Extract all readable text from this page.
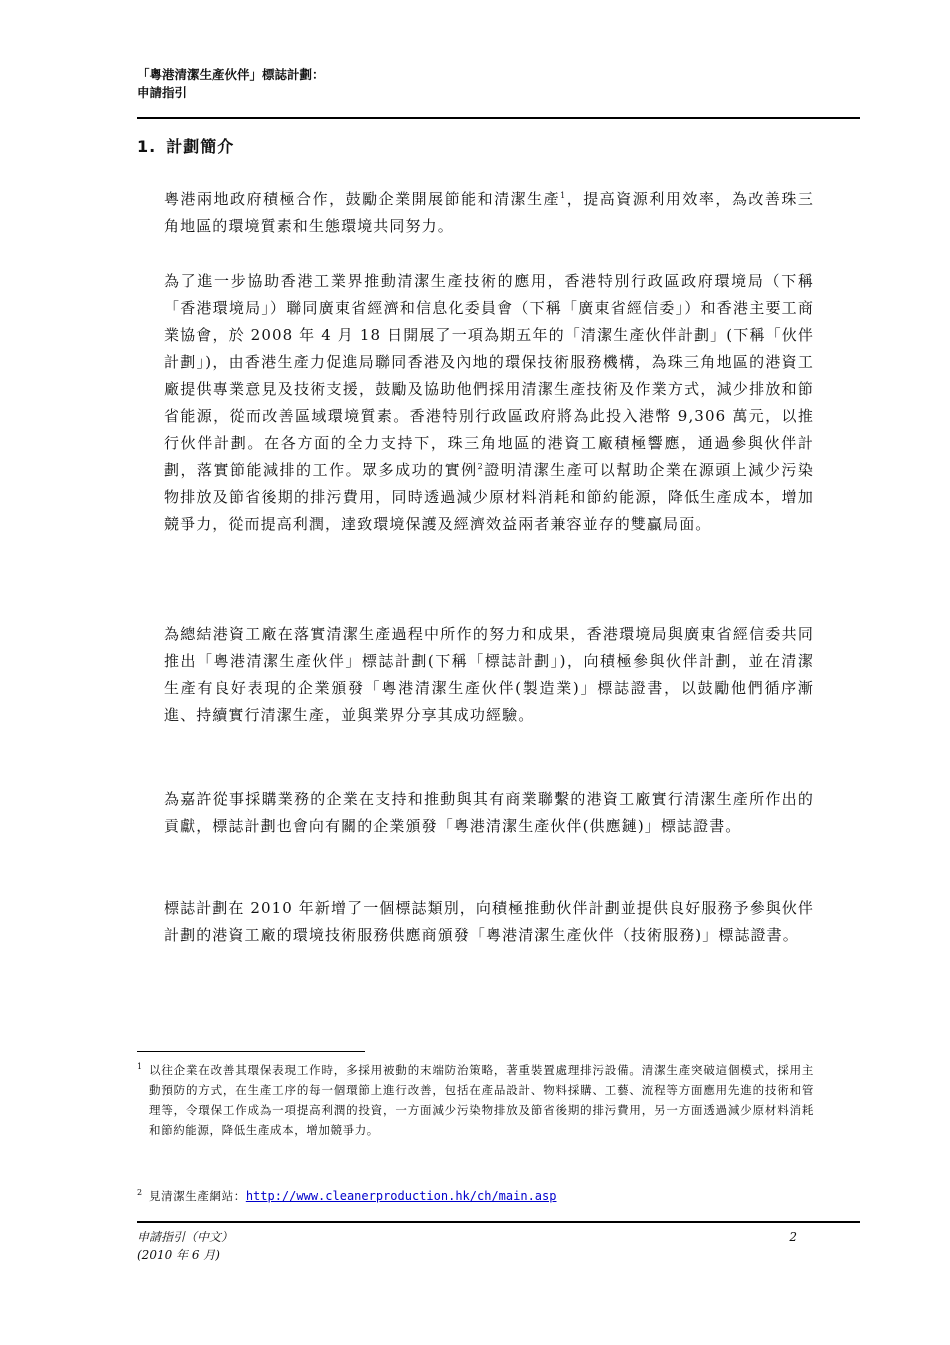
「粵港清潔生產伙伴」標誌計劃：
申請指引
1. 計劃簡介
粵港兩地政府積極合作，鼓勵企業開展節能和清潔生產$^1$，提高資源利用效率，為改善珠三角地區的環境質素和生態環境共同努力。
為了進一步協助香港工業界推動清潔生產技術的應用，香港特別行政區政府環境局（下稱「香港環境局」）聯同廣東省經濟和信息化委員會（下稱「廣東省經信委」）和香港主要工商業協會，於 2008 年 4 月 18 日開展了一項為期五年的「清潔生產伙伴計劃」(下稱「伙伴計劃」)，由香港生產力促進局聯同香港及內地的環保技術服務機構，為珠三角地區的港資工廠提供專業意見及技術支援，鼓勵及協助他們採用清潔生產技術及作業方式，減少排放和節省能源，從而改善區域環境質素。香港特別行政區政府將為此投入港幣 9,306 萬元，以推行伙伴計劃。在各方面的全力支持下，珠三角地區的港資工廠積極響應，通過參與伙伴計劃，落實節能減排的工作。眾多成功的實例$^2$證明清潔生產可以幫助企業在源頭上減少污染物排放及節省後期的排污費用，同時透過減少原材料消耗和節約能源，降低生產成本，增加競爭力，從而提高利潤，達致環境保護及經濟效益兩者兼容並存的雙贏局面。
為總結港資工廠在落實清潔生產過程中所作的努力和成果，香港環境局與廣東省經信委共同推出「粵港清潔生產伙伴」標誌計劃(下稱「標誌計劃」)，向積極參與伙伴計劃，並在清潔生產有良好表現的企業頒發「粵港清潔生產伙伴(製造業)」標誌證書，以鼓勵他們循序漸進、持續實行清潔生產，並與業界分享其成功經驗。
為嘉許從事採購業務的企業在支持和推動與其有商業聯繫的港資工廠實行清潔生產所作出的貢獻，標誌計劃也會向有關的企業頒發「粵港清潔生產伙伴(供應鏈)」標誌證書。
標誌計劃在 2010 年新增了一個標誌類別，向積極推動伙伴計劃並提供良好服務予參與伙伴計劃的港資工廠的環境技術服務供應商頒發「粵港清潔生產伙伴（技術服務)」標誌證書。
1 以往企業在改善其環保表現工作時，多採用被動的末端防治策略，著重裝置處理排污設備。清潔生產突破這個模式，採用主動預防的方式，在生產工序的每一個環節上進行改善，包括在產品設計、物料採購、工藝、流程等方面應用先進的技術和管理等，令環保工作成為一項提高利潤的投資，一方面減少污染物排放及節省後期的排污費用，另一方面透過減少原材料消耗和節約能源，降低生產成本，增加競爭力。
2 見清潔生產網站：http://www.cleanerproduction.hk/ch/main.asp
申請指引（中文）
(2010 年 6 月)
2
